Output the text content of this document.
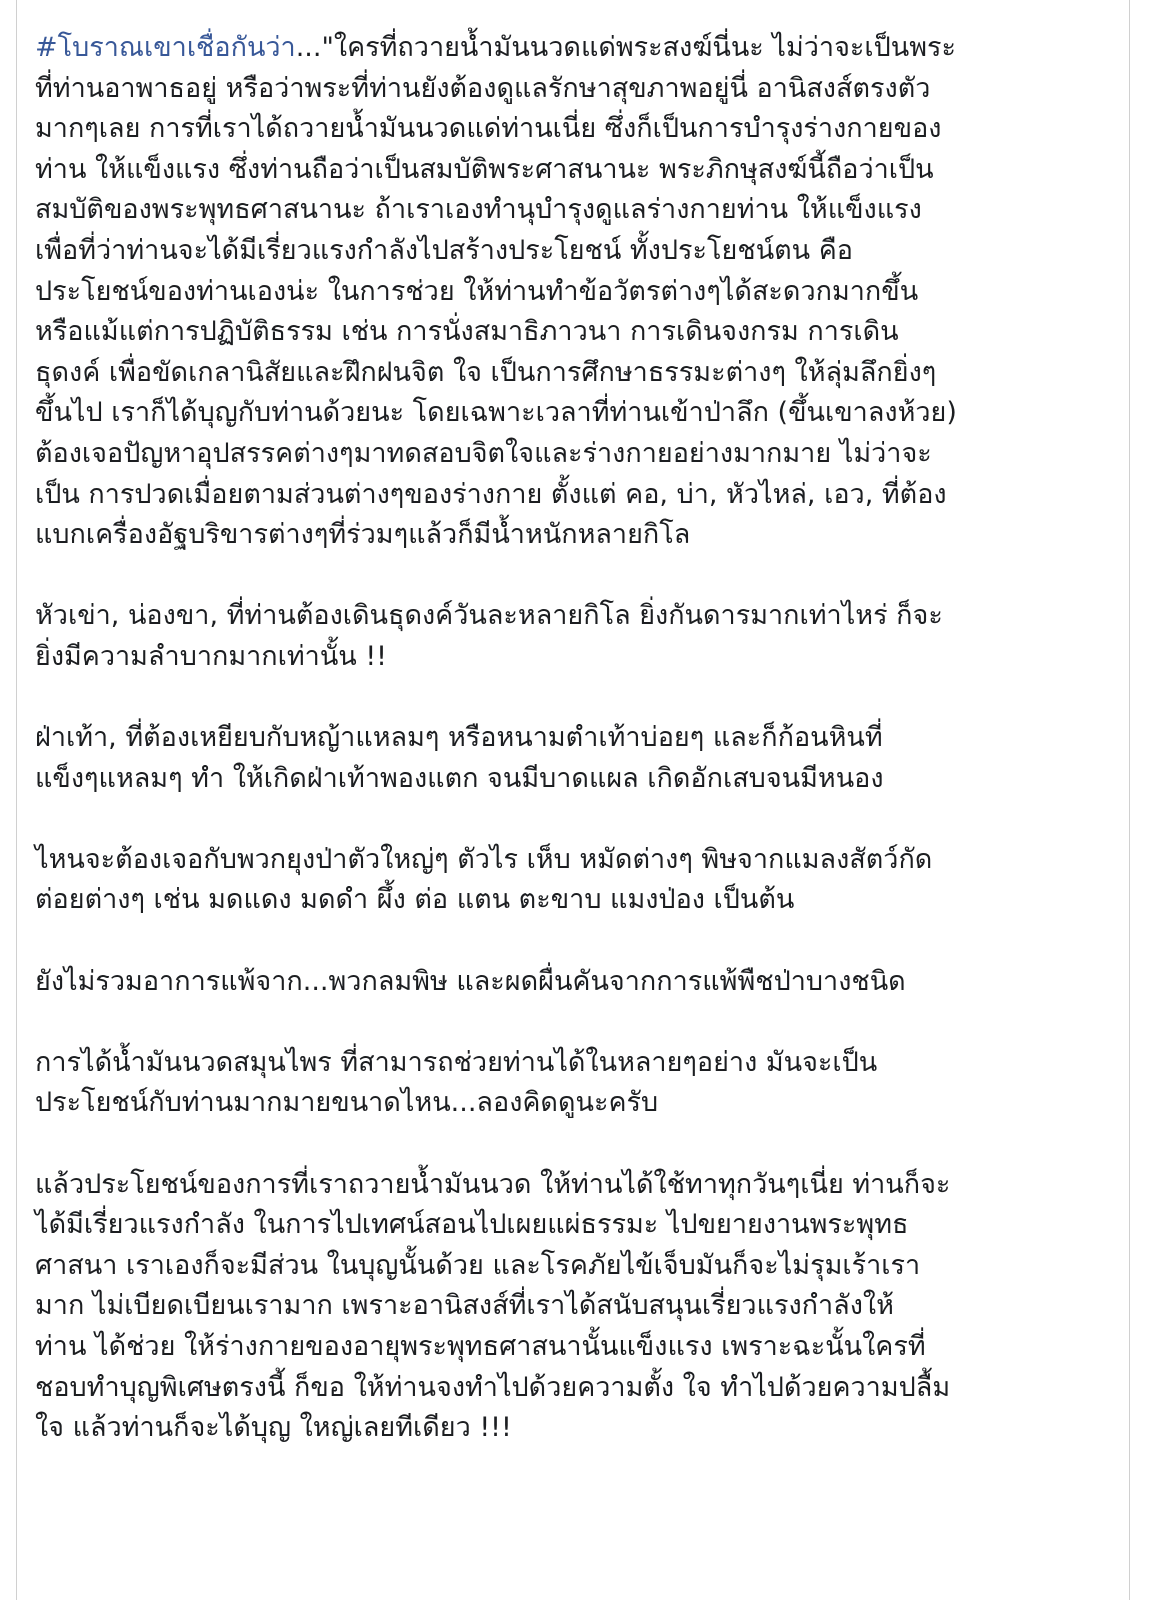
#โบราณเขาเชื่อกันว่า..."ใครที่ถวายน้ำมันนวดแด่พระสงฆ์นี่นะ ไม่ว่าจะเป็นพระ
ที่ท่านอาพาธอยู่ หรือว่าพระที่ท่านยังต้องดูแลรักษาสุขภาพอยู่นี่ อานิสงส์ตรงตัว
มากๆเลย การที่เราได้ถวายน้ำมันนวดแด่ท่านเนี่ย ซึ่งก็เป็นการบำรุงร่างกายของ
ท่าน ให้แข็งแรง ซึ่งท่านถือว่าเป็นสมบัติพระศาสนานะ พระภิกษุสงฆ์นี้ถือว่าเป็น
สมบัติของพระพุทธศาสนานะ ถ้าเราเองทำนุบำรุงดูแลร่างกายท่าน ให้แข็งแรง
เพื่อที่ว่าท่านจะได้มีเรี่ยวแรงกำลังไปสร้างประโยชน์ ทั้งประโยชน์ตน คือ
ประโยชน์ของท่านเองน่ะ ในการช่วย ให้ท่านทำข้อวัตรต่างๆได้สะดวกมากขึ้น
หรือแม้แต่การปฏิบัติธรรม เช่น การนั่งสมาธิภาวนา การเดินจงกรม การเดิน
ธุดงค์ เพื่อขัดเกลานิสัยและฝึกฝนจิต ใจ เป็นการศึกษาธรรมะต่างๆ ให้ลุ่มลึกยิ่งๆ
ขึ้นไป เราก็ได้บุญกับท่านด้วยนะ โดยเฉพาะเวลาที่ท่านเข้าป่าลึก (ขึ้นเขาลงห้วย)
ต้องเจอปัญหาอุปสรรคต่างๆมาทดสอบจิตใจและร่างกายอย่างมากมาย ไม่ว่าจะ
เป็น การปวดเมื่อยตามส่วนต่างๆของร่างกาย ตั้งแต่ คอ, บ่า, หัวไหล่, เอว, ที่ต้อง
แบกเครื่องอัฐบริขารต่างๆที่ร่วมๆแล้วก็มีน้ำหนักหลายกิโล

หัวเข่า, น่องขา, ที่ท่านต้องเดินธุดงค์วันละหลายกิโล ยิ่งกันดารมากเท่าไหร่ ก็จะ
ยิ่งมีความลำบากมากเท่านั้น !!

ฝ่าเท้า, ที่ต้องเหยียบกับหญ้าแหลมๆ หรือหนามตำเท้าบ่อยๆ และก็ก้อนหินที่
แข็งๆแหลมๆ ทำ ให้เกิดฝ่าเท้าพองแตก จนมีบาดแผล เกิดอักเสบจนมีหนอง

ไหนจะต้องเจอกับพวกยุงป่าตัวใหญ่ๆ ตัวไร เห็บ หมัดต่างๆ พิษจากแมลงสัตว์กัด
ต่อยต่างๆ เช่น มดแดง มดดำ ผึ้ง ต่อ แตน ตะขาบ แมงป่อง เป็นต้น

ยังไม่รวมอาการแพ้จาก...พวกลมพิษ และผดผื่นคันจากการแพ้พืชป่าบางชนิด

การได้น้ำมันนวดสมุนไพร ที่สามารถช่วยท่านได้ในหลายๆอย่าง มันจะเป็น
ประโยชน์กับท่านมากมายขนาดไหน...ลองคิดดูนะครับ

แล้วประโยชน์ของการที่เราถวายน้ำมันนวด ให้ท่านได้ใช้ทาทุกวันๆเนี่ย ท่านก็จะ
ได้มีเรี่ยวแรงกำลัง ในการไปเทศน์สอนไปเผยแผ่ธรรมะ ไปขยายงานพระพุทธ
ศาสนา เราเองก็จะมีส่วน ในบุญนั้นด้วย และโรคภัยไข้เจ็บมันก็จะไม่รุมเร้าเรา
มาก ไม่เบียดเบียนเรามาก เพราะอานิสงส์ที่เราได้สนับสนุนเรี่ยวแรงกำลังให้
ท่าน ได้ช่วย ให้ร่างกายของอายุพระพุทธศาสนานั้นแข็งแรง เพราะฉะนั้นใครที่
ชอบทำบุญพิเศษตรงนี้ ก็ขอ ให้ท่านจงทำไปด้วยความตั้ง ใจ ทำไปด้วยความปลื้ม
ใจ แล้วท่านก็จะได้บุญ ใหญ่เลยทีเดียว !!!
